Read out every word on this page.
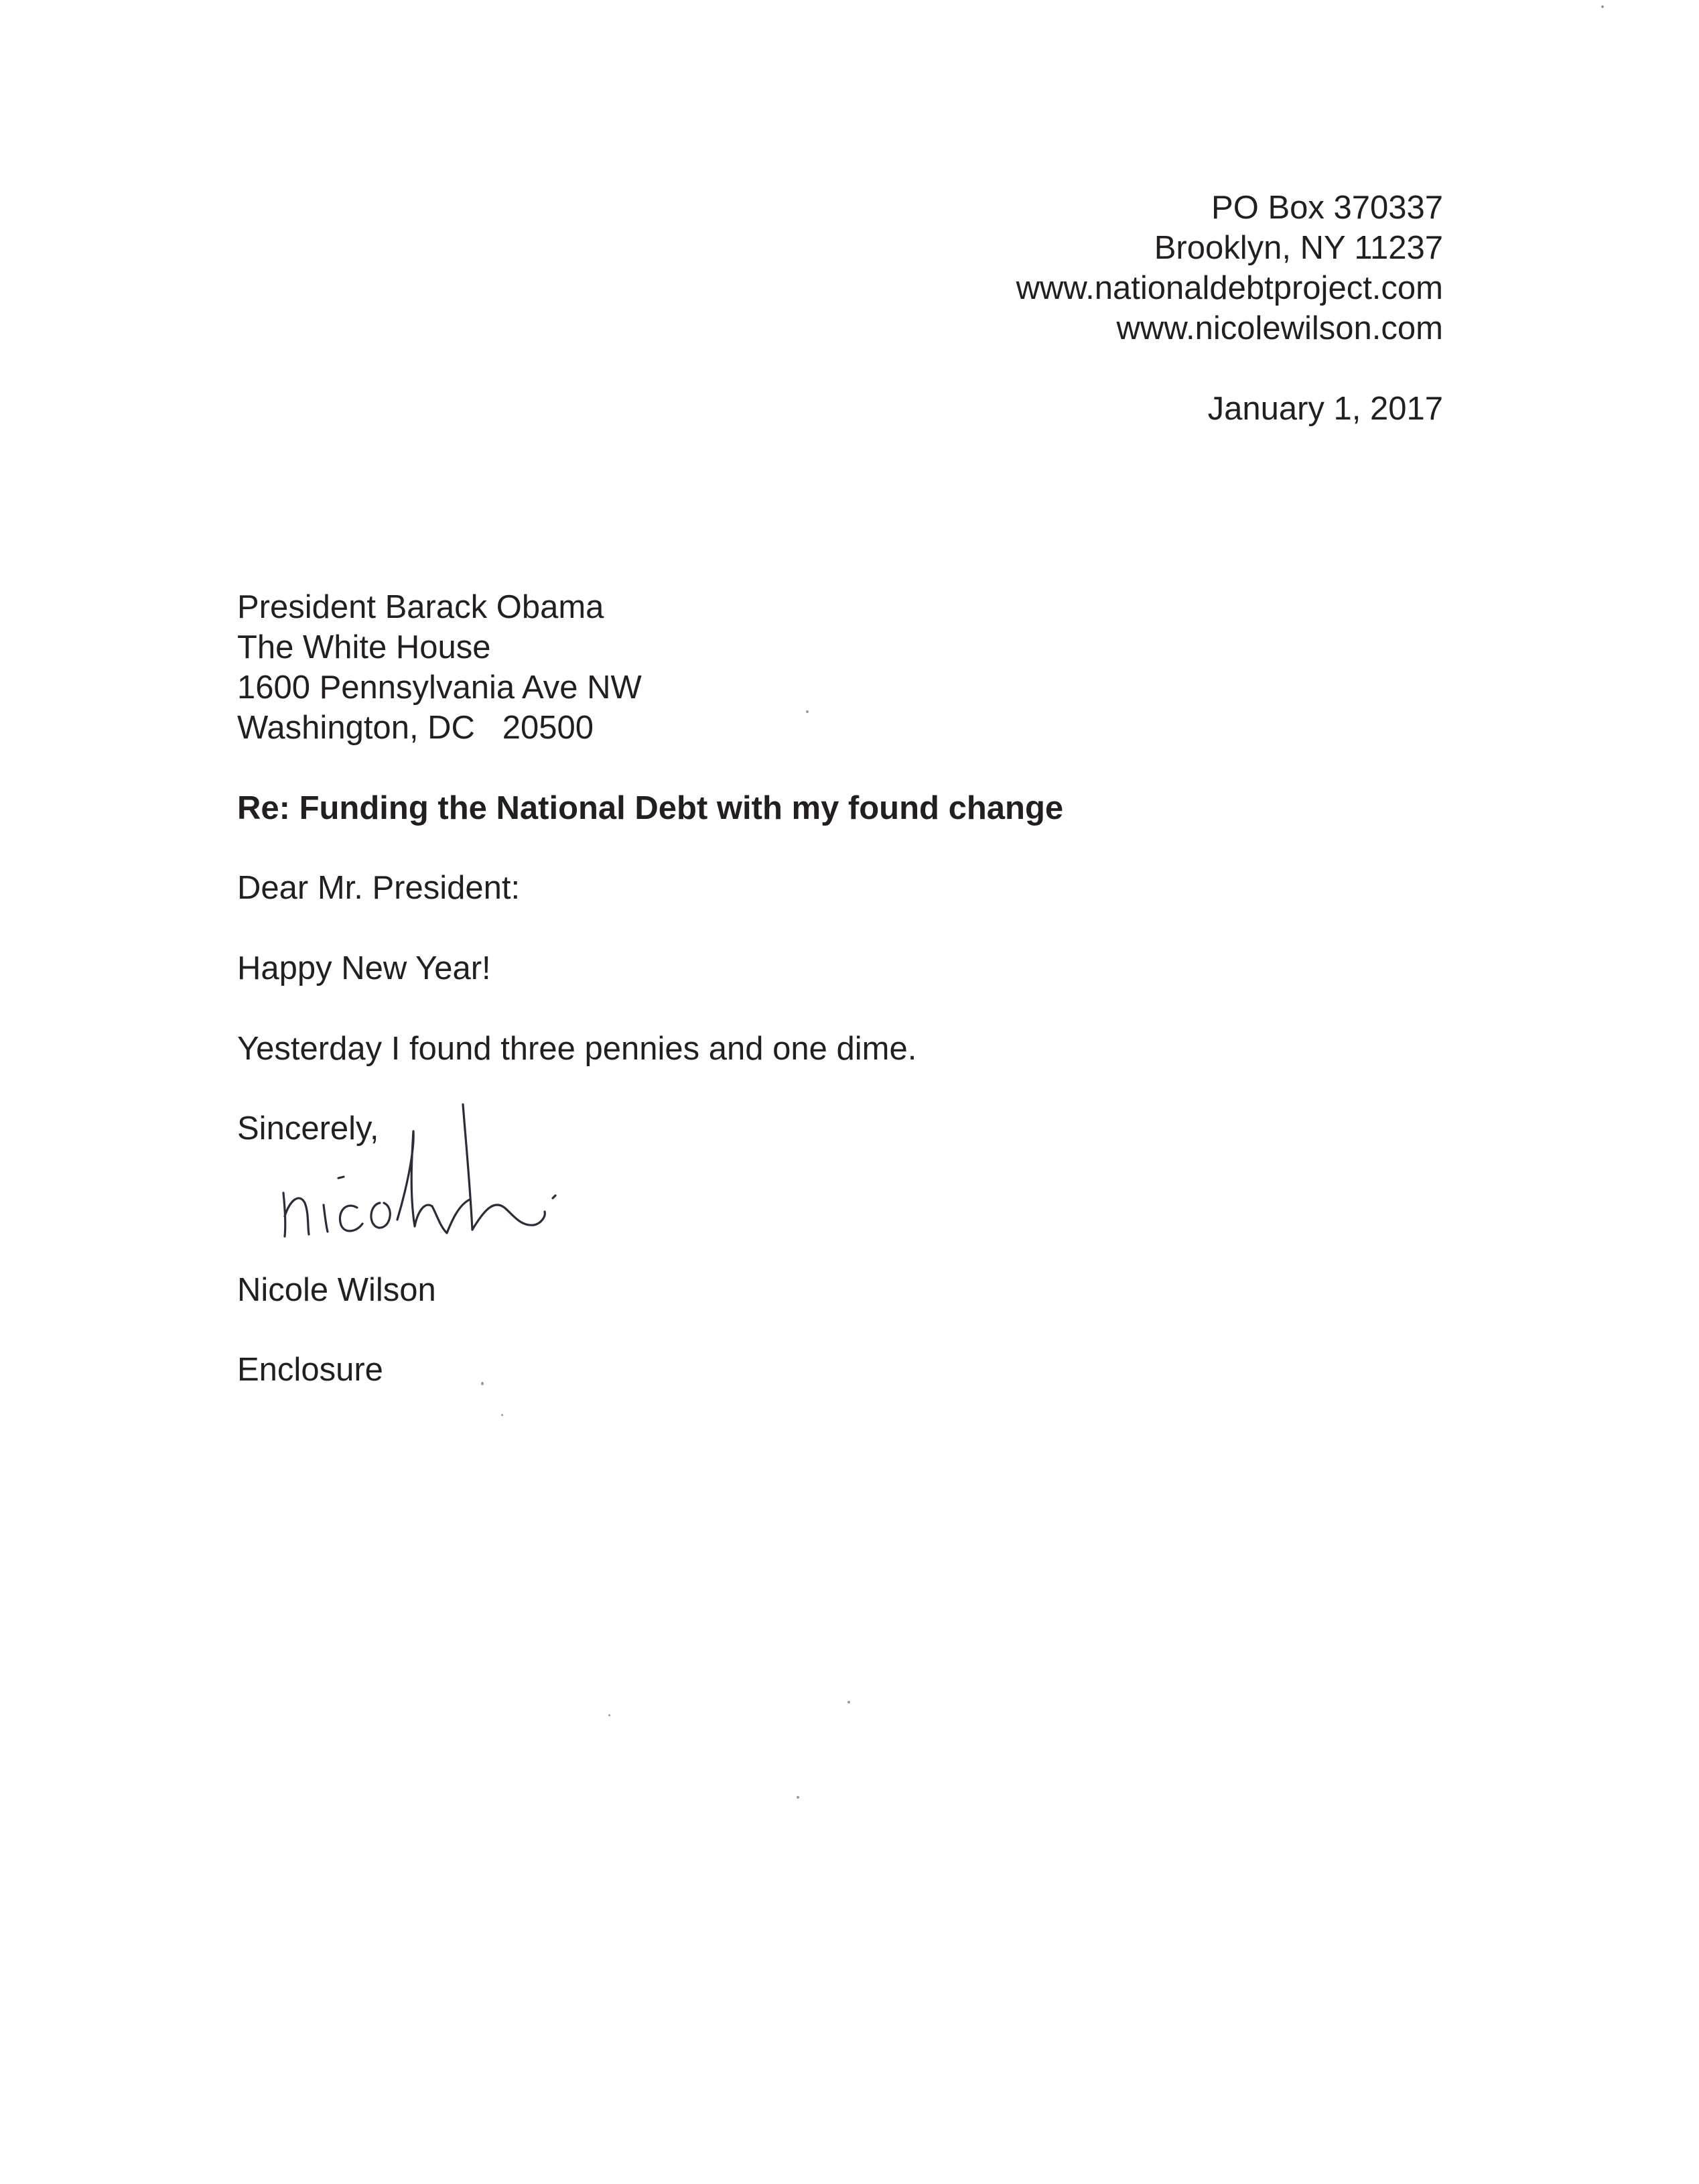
PO Box 370337

Brooklyn, NY 11237

www.nationaldebtproject.com

www.nicolewilson.com

January 1, 2017

President Barack Obama

The White House

1600 Pennsylvania Ave NW

Washington, DC   20500

Re: Funding the National Debt with my found change

Dear Mr. President:

Happy New Year!

Yesterday I found three pennies and one dime.

Sincerely,

Nicole Wilson

Enclosure
